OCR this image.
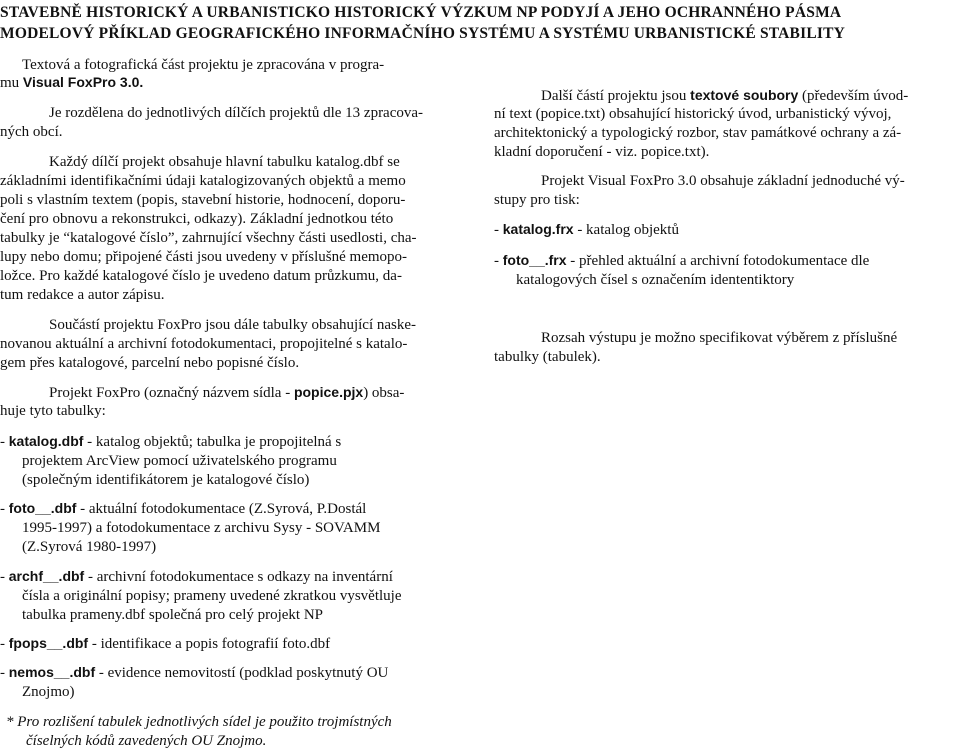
STAVEBNĚ HISTORICKÝ A URBANISTICKO HISTORICKÝ VÝZKUM NP PODYJÍ A JEHO OCHRANNÉHO PÁSMA
MODELOVÝ PŘÍKLAD GEOGRAFICKÉHO INFORMAČNÍHO SYSTÉMU A SYSTÉMU URBANISTICKÉ STABILITY
Textová a fotografická část projektu je zpracována v progra-
mu Visual FoxPro 3.0.
Je rozdělena do jednotlivých dílčích projektů dle 13 zpracova-
ných obcí.
Každý dílčí projekt obsahuje hlavní tabulku katalog.dbf se
základními identifikačními údaji katalogizovaných objektů a memo
poli s vlastním textem (popis, stavební historie, hodnocení, doporu-
čení pro obnovu a rekonstrukci, odkazy). Základní jednotkou této
tabulky je “katalogové číslo”, zahrnující všechny části usedlosti, cha-
lupy nebo domu; připojené části jsou uvedeny v příslušné memopo-
ložce. Pro každé katalogové číslo je uvedeno datum průzkumu, da-
tum redakce a autor zápisu.
Součástí projektu FoxPro jsou dále tabulky obsahující naske-
novanou aktuální a archivní fotodokumentaci, propojitelné s katalo-
gem přes katalogové, parcelní nebo popisné číslo.
Projekt FoxPro (označný názvem sídla - popice.pjx) obsa-
huje tyto tabulky:
- katalog.dbf - katalog objektů; tabulka je propojitelná s
projektem ArcView pomocí uživatelského programu
(společným identifikátorem je katalogové číslo)
- foto__.dbf - aktuální fotodokumentace (Z.Syrová, P.Dostál
1995-1997) a fotodokumentace z archivu Sysy - SOVAMM
(Z.Syrová 1980-1997)
- archf__.dbf - archivní fotodokumentace s odkazy na inventární
čísla a originální popisy; prameny uvedené zkratkou vysvětluje
tabulka prameny.dbf společná pro celý projekt NP
- fpops__.dbf - identifikace a popis fotografií foto.dbf
- nemos__.dbf - evidence nemovitostí (podklad poskytnutý OU
Znojmo)
* Pro rozlišení tabulek jednotlivých sídel je použito trojmístných
číselných kódů zavedených OU Znojmo.
Další částí projektu jsou textové soubory (především úvod-
ní text (popice.txt) obsahující historický úvod, urbanistický vývoj,
architektonický a typologický rozbor, stav památkové ochrany a zá-
kladní doporučení - viz. popice.txt).
Projekt Visual FoxPro 3.0 obsahuje základní jednoduché vý-
stupy pro tisk:
- katalog.frx - katalog objektů
- foto__.frx - přehled aktuální a archivní fotodokumentace dle
katalogových čísel s označením idententiktory
Rozsah výstupu je možno specifikovat výběrem z příslušné
tabulky (tabulek).
